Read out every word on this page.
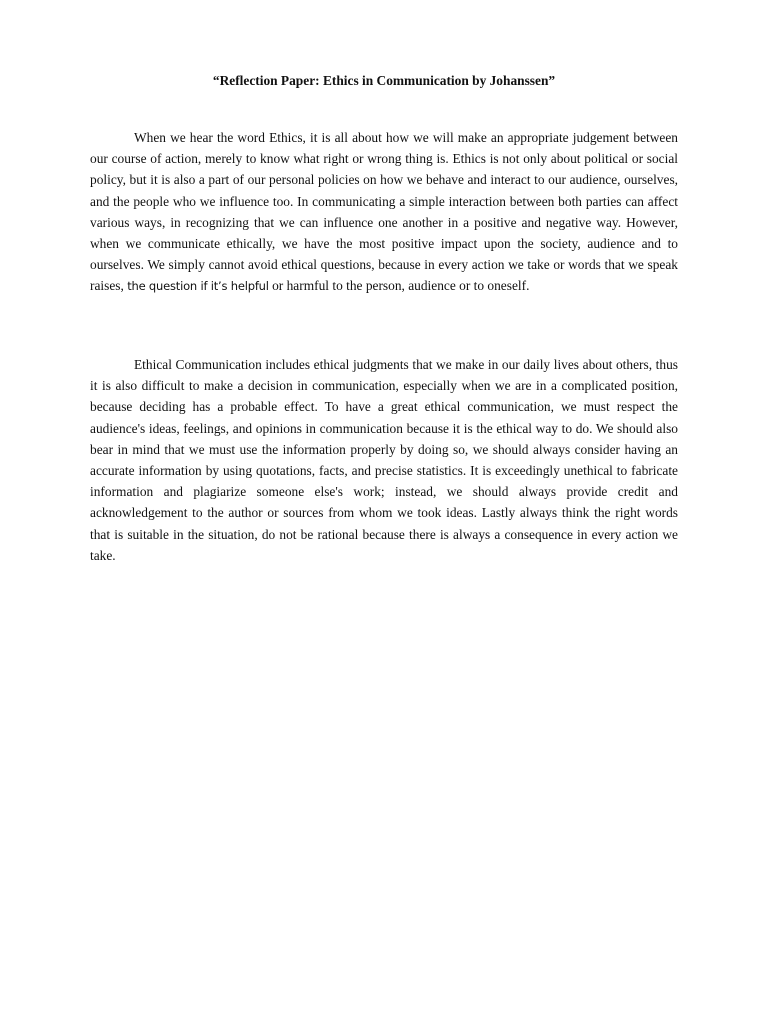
“Reflection Paper: Ethics in Communication by Johanssen”

When we hear the word Ethics, it is all about how we will make an appropriate judgement between our course of action, merely to know what right or wrong thing is. Ethics is not only about political or social policy, but it is also a part of our personal policies on how we behave and interact to our audience, ourselves, and the people who we influence too. In communicating a simple interaction between both parties can affect various ways, in recognizing that we can influence one another in a positive and negative way. However, when we communicate ethically, we have the most positive impact upon the society, audience and to ourselves. We simply cannot avoid ethical questions, because in every action we take or words that we speak raises, the question if it’s helpful or harmful to the person, audience or to oneself.

Ethical Communication includes ethical judgments that we make in our daily lives about others, thus it is also difficult to make a decision in communication, especially when we are in a complicated position, because deciding has a probable effect. To have a great ethical communication, we must respect the audience's ideas, feelings, and opinions in communication because it is the ethical way to do. We should also bear in mind that we must use the information properly by doing so, we should always consider having an accurate information by using quotations, facts, and precise statistics. It is exceedingly unethical to fabricate information and plagiarize someone else's work; instead, we should always provide credit and acknowledgement to the author or sources from whom we took ideas. Lastly always think the right words that is suitable in the situation, do not be rational because there is always a consequence in every action we take.
